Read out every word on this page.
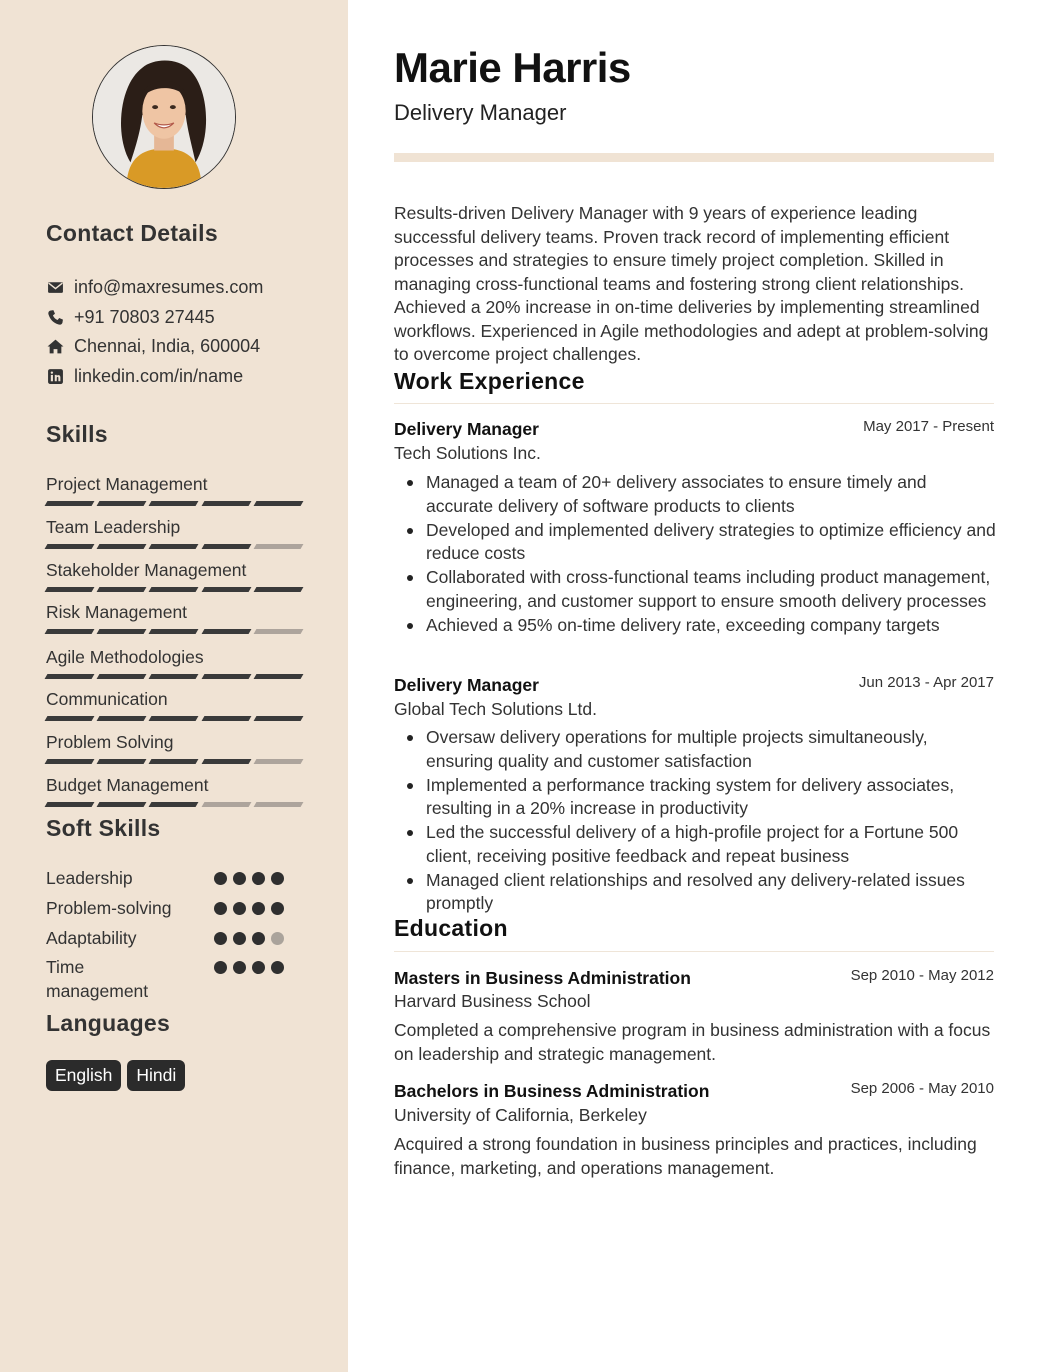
Contact Details
info@maxresumes.com
+91 70803 27445
Chennai, India, 600004
linkedin.com/in/name
Skills
Project Management
Team Leadership
Stakeholder Management
Risk Management
Agile Methodologies
Communication
Problem Solving
Budget Management
Soft Skills
Leadership
Problem-solving
Adaptability
Time management
Languages
English	Hindi
Marie Harris
Delivery Manager
Results-driven Delivery Manager with 9 years of experience leading successful delivery teams. Proven track record of implementing efficient processes and strategies to ensure timely project completion. Skilled in managing cross-functional teams and fostering strong client relationships. Achieved a 20% increase in on-time deliveries by implementing streamlined workflows. Experienced in Agile methodologies and adept at problem-solving to overcome project challenges.
Work Experience
Delivery Manager	May 2017 - Present
Tech Solutions Inc.
Managed a team of 20+ delivery associates to ensure timely and accurate delivery of software products to clients
Developed and implemented delivery strategies to optimize efficiency and reduce costs
Collaborated with cross-functional teams including product management, engineering, and customer support to ensure smooth delivery processes
Achieved a 95% on-time delivery rate, exceeding company targets
Delivery Manager	Jun 2013 - Apr 2017
Global Tech Solutions Ltd.
Oversaw delivery operations for multiple projects simultaneously, ensuring quality and customer satisfaction
Implemented a performance tracking system for delivery associates, resulting in a 20% increase in productivity
Led the successful delivery of a high-profile project for a Fortune 500 client, receiving positive feedback and repeat business
Managed client relationships and resolved any delivery-related issues promptly
Education
Masters in Business Administration	Sep 2010 - May 2012
Harvard Business School
Completed a comprehensive program in business administration with a focus on leadership and strategic management.
Bachelors in Business Administration	Sep 2006 - May 2010
University of California, Berkeley
Acquired a strong foundation in business principles and practices, including finance, marketing, and operations management.
